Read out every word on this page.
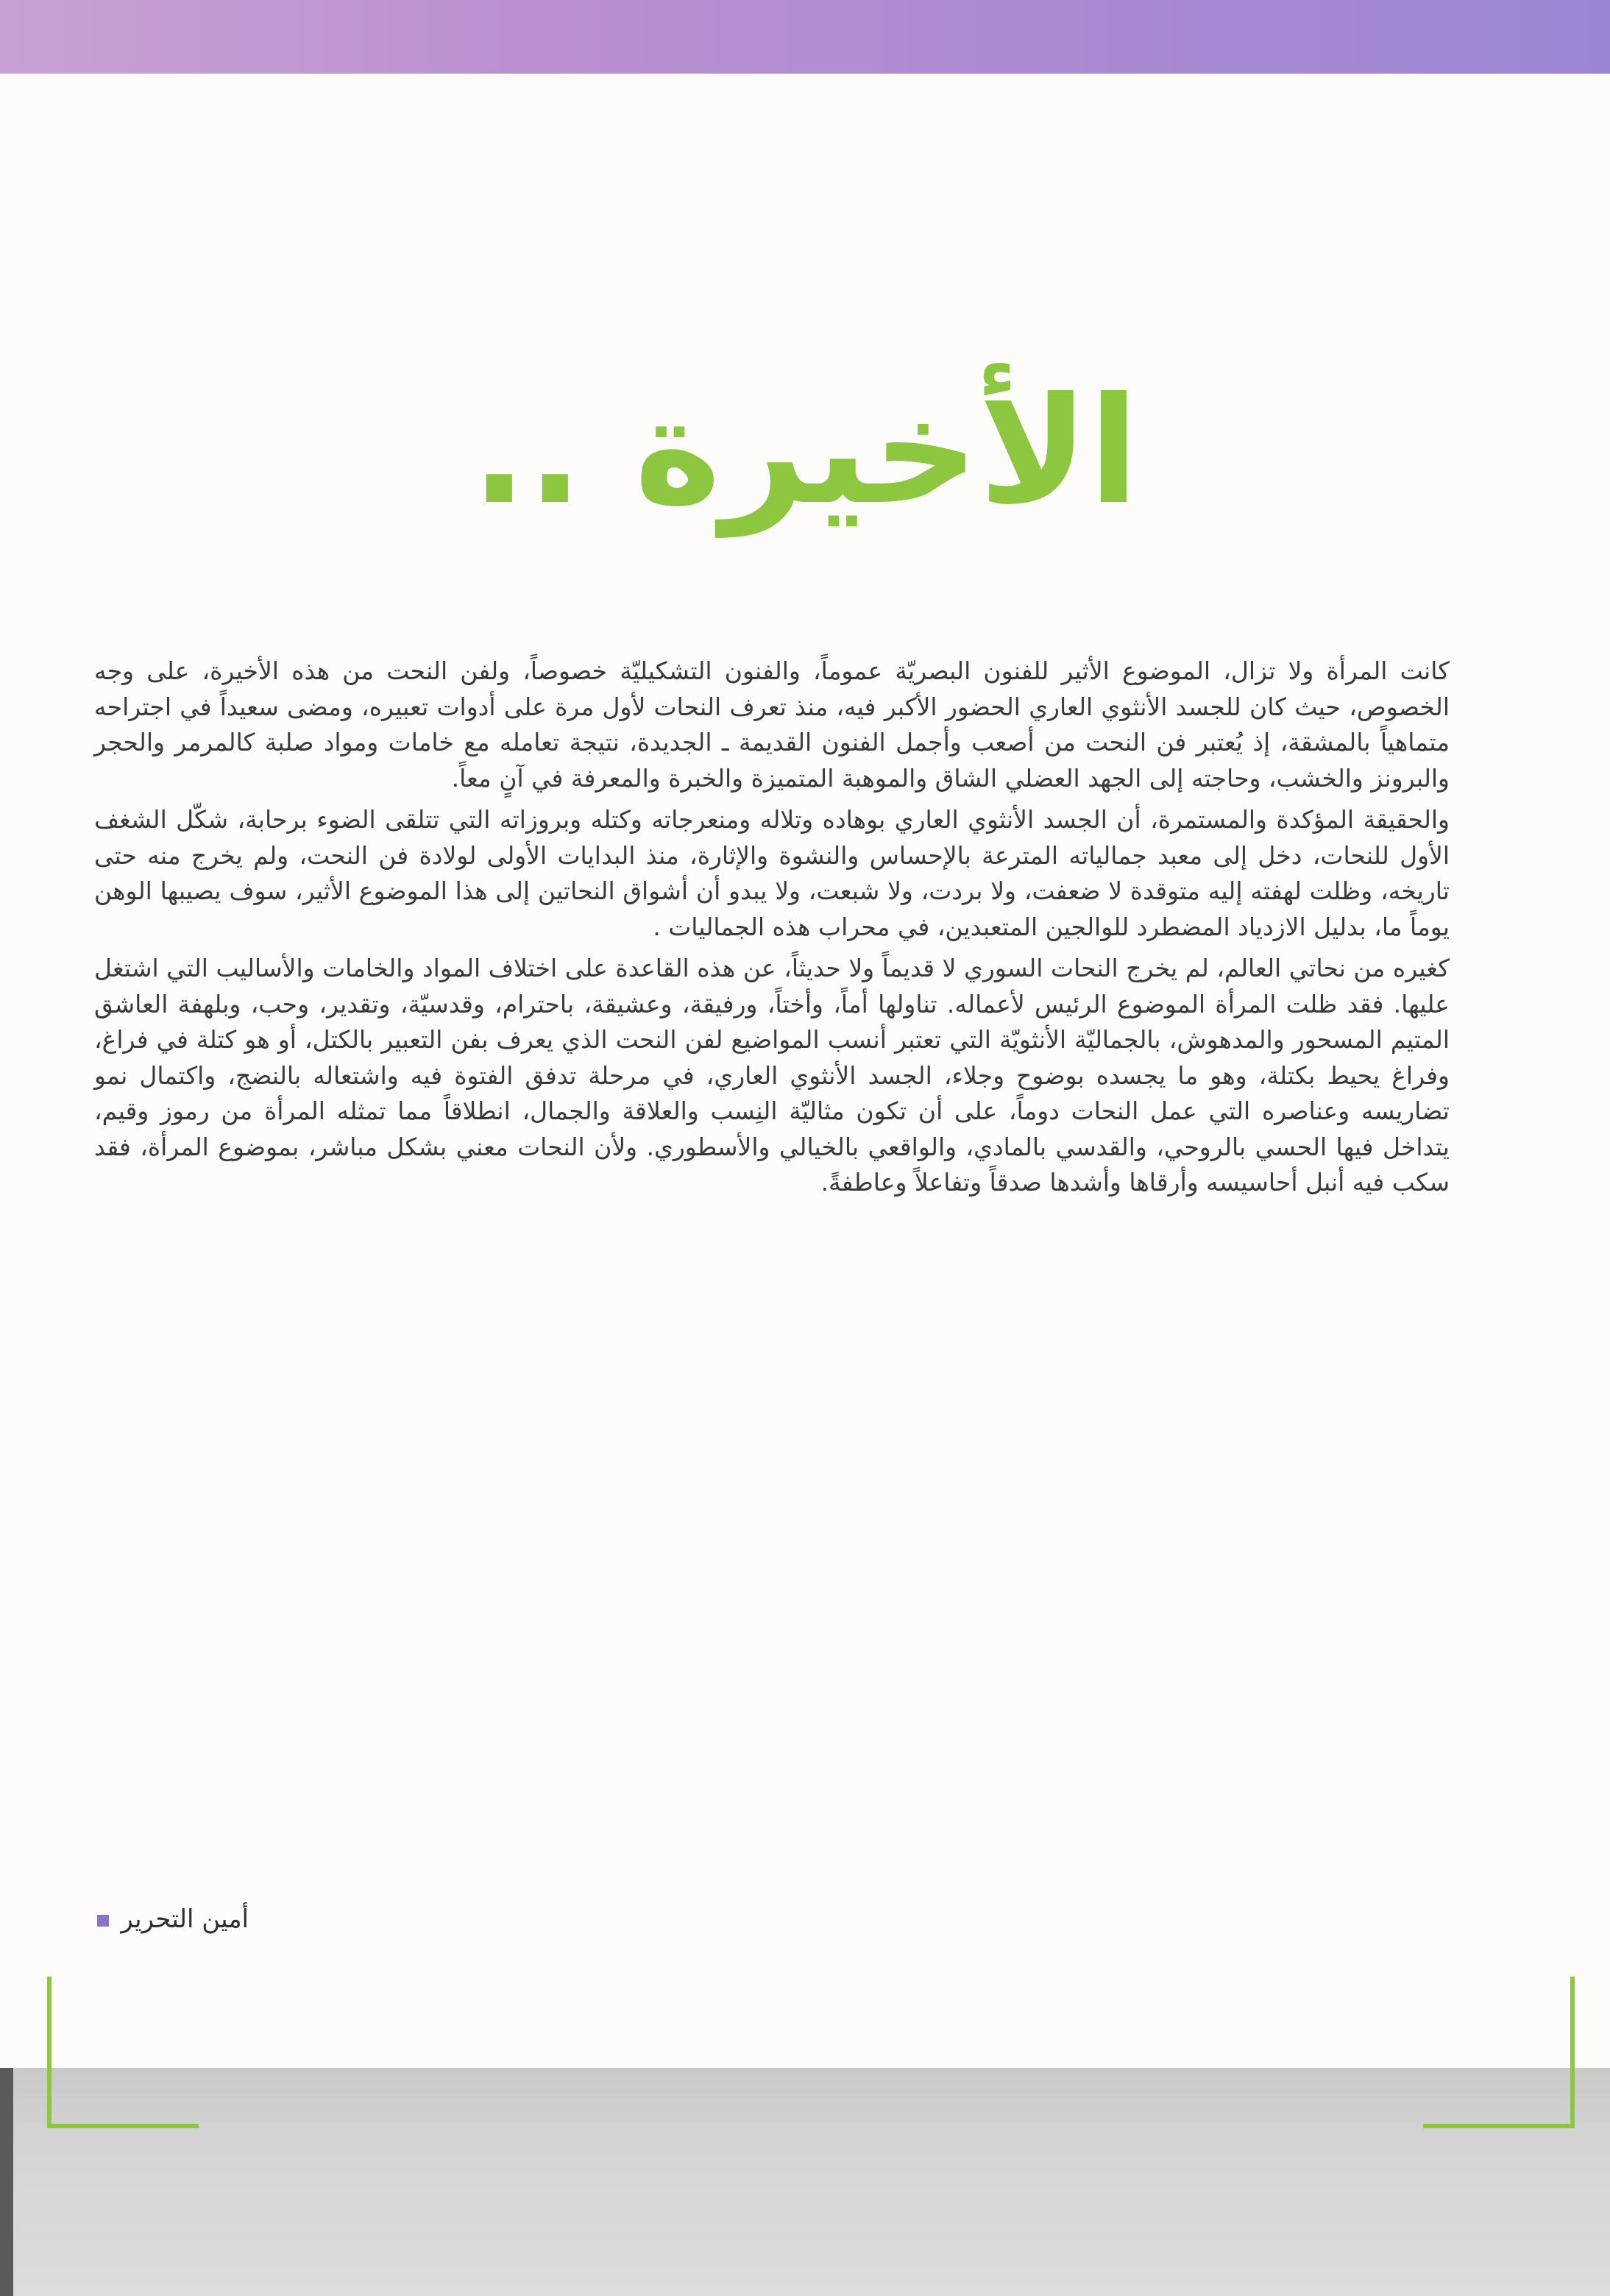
الأخيرة ..

كانت المرأة ولا تزال، الموضوع الأثير للفنون البصريّة عموماً، والفنون التشكيليّة خصوصاً، ولفن النحت من هذه الأخيرة، على وجه الخصوص، حيث كان للجسد الأنثوي العاري الحضور الأكبر فيه، منذ تعرف النحات لأول مرة على أدوات تعبيره، ومضى سعيداً في اجتراحه متماهياً بالمشقة، إذ يُعتبر فن النحت من أصعب وأجمل الفنون القديمة ـ الجديدة، نتيجة تعامله مع خامات ومواد صلبة كالمرمر والحجر والبرونز والخشب، وحاجته إلى الجهد العضلي الشاق والموهبة المتميزة والخبرة والمعرفة في آنٍ معاً.

والحقيقة المؤكدة والمستمرة، أن الجسد الأنثوي العاري بوهاده وتلاله ومنعرجاته وكتله وبروزاته التي تتلقى الضوء برحابة، شكّل الشغف الأول للنحات، دخل إلى معبد جمالياته المترعة بالإحساس والنشوة والإثارة، منذ البدايات الأولى لولادة فن النحت، ولم يخرج منه حتى تاريخه، وظلت لهفته إليه متوقدة لا ضعفت، ولا بردت، ولا شبعت، ولا يبدو أن أشواق النحاتين إلى هذا الموضوع الأثير، سوف يصيبها الوهن يوماً ما، بدليل الازدياد المضطرد للوالجين المتعبدين، في محراب هذه الجماليات .

كغيره من نحاتي العالم، لم يخرج النحات السوري لا قديماً ولا حديثاً، عن هذه القاعدة على اختلاف المواد والخامات والأساليب التي اشتغل عليها. فقد ظلت المرأة الموضوع الرئيس لأعماله. تناولها أماً، وأختاً، ورفيقة، وعشيقة، باحترام، وقدسيّة، وتقدير، وحب، وبلهفة العاشق المتيم المسحور والمدهوش، بالجماليّة الأنثويّة التي تعتبر أنسب المواضيع لفن النحت الذي يعرف بفن التعبير بالكتل، أو هو كتلة في فراغ، وفراغ يحيط بكتلة، وهو ما يجسده بوضوح وجلاء، الجسد الأنثوي العاري، في مرحلة تدفق الفتوة فيه واشتعاله بالنضج، واكتمال نمو تضاريسه وعناصره التي عمل النحات دوماً، على أن تكون مثاليّة النِسب والعلاقة والجمال، انطلاقاً مما تمثله المرأة من رموز وقيم، يتداخل فيها الحسي بالروحي، والقدسي بالمادي، والواقعي بالخيالي والأسطوري. ولأن النحات معني بشكل مباشر، بموضوع المرأة، فقد سكب فيه أنبل أحاسيسه وأرقاها وأشدها صدقاً وتفاعلاً وعاطفةً.

أمين التحرير
